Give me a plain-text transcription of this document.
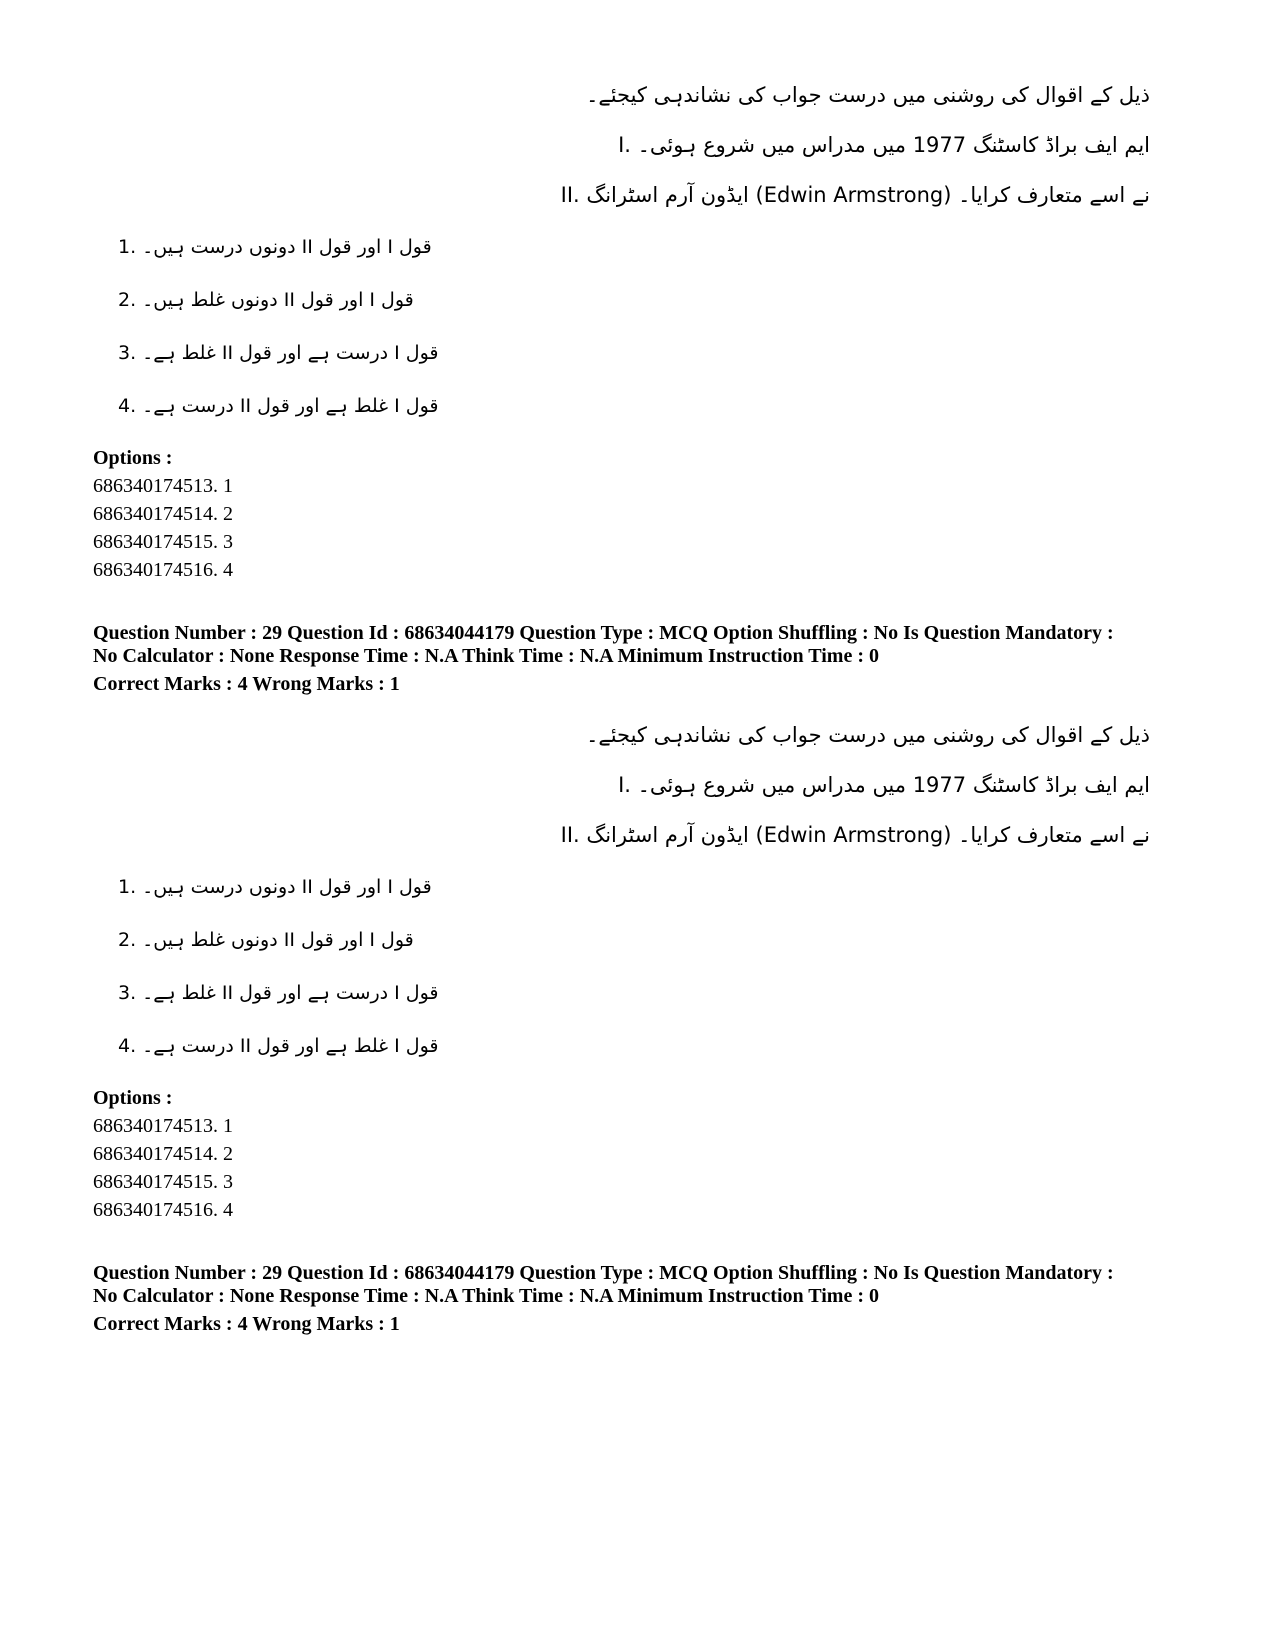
ذیل کے اقوال کی روشنی میں درست جواب کی نشاندہی کیجئے۔
I. ایم ایف براڈ کاسٹنگ 1977 میں مدراس میں شروع ہوئی۔
II. ایڈون آرم اسٹرانگ (Edwin Armstrong) نے اسے متعارف کرایا۔
قول I اور قول II دونوں درست ہیں۔ .1
قول I اور قول II دونوں غلط ہیں۔ .2
قول I درست ہے اور قول II غلط ہے۔ .3
قول I غلط ہے اور قول II درست ہے۔ .4
Options :
686340174513. 1
686340174514. 2
686340174515. 3
686340174516. 4
Question Number : 29 Question Id : 68634044179 Question Type : MCQ Option Shuffling : No Is Question Mandatory :
No Calculator : None Response Time : N.A Think Time : N.A Minimum Instruction Time : 0
Correct Marks : 4 Wrong Marks : 1
ذیل کے اقوال کی روشنی میں درست جواب کی نشاندہی کیجئے۔
I. ایم ایف براڈ کاسٹنگ 1977 میں مدراس میں شروع ہوئی۔
II. ایڈون آرم اسٹرانگ (Edwin Armstrong) نے اسے متعارف کرایا۔
قول I اور قول II دونوں درست ہیں۔ .1
قول I اور قول II دونوں غلط ہیں۔ .2
قول I درست ہے اور قول II غلط ہے۔ .3
قول I غلط ہے اور قول II درست ہے۔ .4
Options :
686340174513. 1
686340174514. 2
686340174515. 3
686340174516. 4
Question Number : 29 Question Id : 68634044179 Question Type : MCQ Option Shuffling : No Is Question Mandatory :
No Calculator : None Response Time : N.A Think Time : N.A Minimum Instruction Time : 0
Correct Marks : 4 Wrong Marks : 1
